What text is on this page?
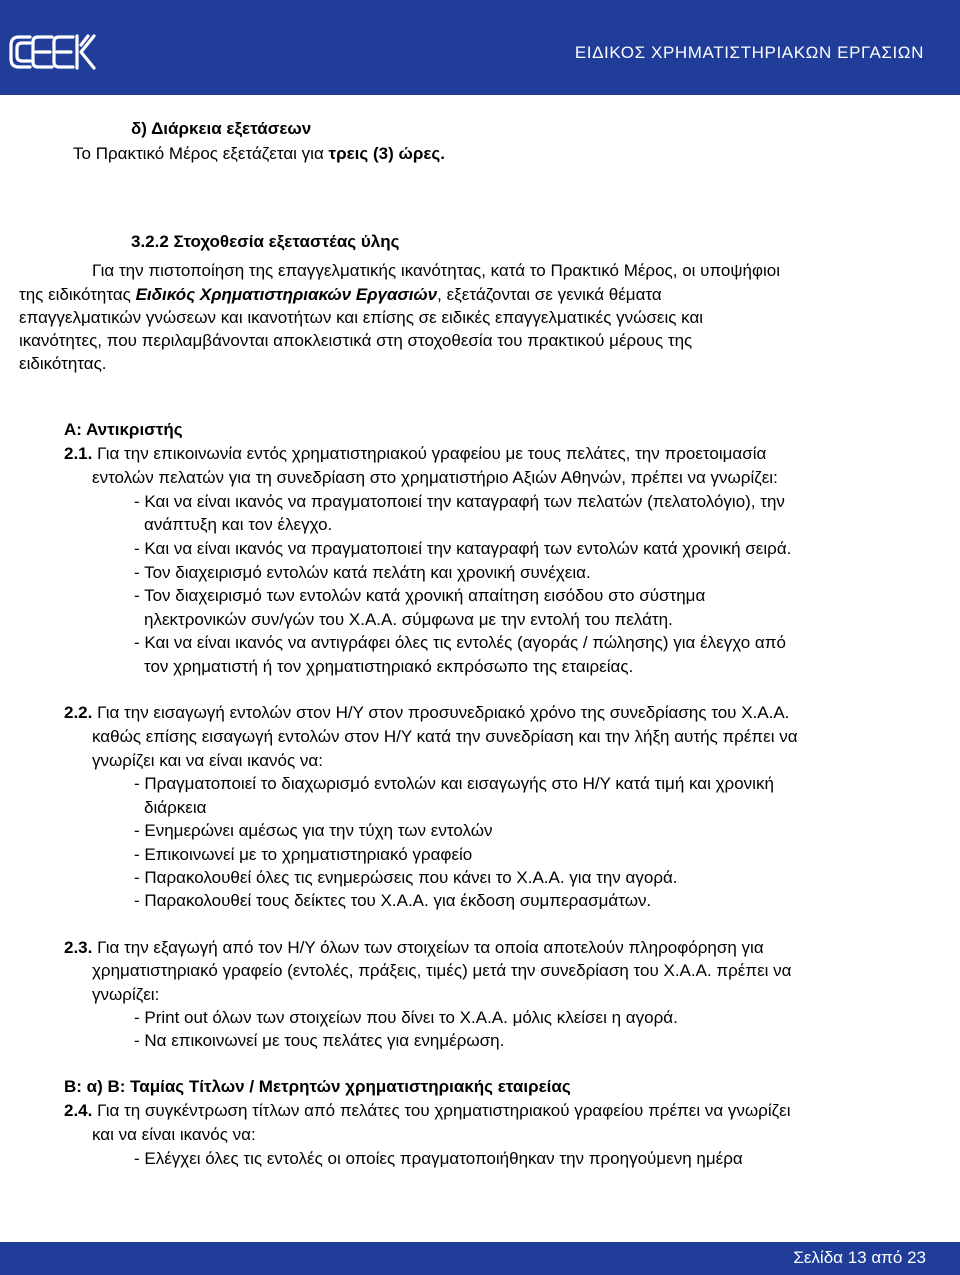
ΕΙΔΙΚΟΣ ΧΡΗΜΑΤΙΣΤΗΡΙΑΚΩΝ ΕΡΓΑΣΙΩΝ
δ) Διάρκεια εξετάσεων
Το Πρακτικό Μέρος εξετάζεται για τρεις (3) ώρες.
3.2.2 Στοχοθεσία εξεταστέας ύλης
Για την πιστοποίηση της επαγγελματικής ικανότητας, κατά το Πρακτικό Μέρος, οι υποψήφιοι
της ειδικότητας Ειδικός Χρηματιστηριακών Εργασιών, εξετάζονται σε γενικά θέματα
επαγγελματικών γνώσεων και ικανοτήτων και επίσης σε ειδικές επαγγελματικές γνώσεις και
ικανότητες, που περιλαμβάνονται αποκλειστικά στη στοχοθεσία του πρακτικού μέρους της
ειδικότητας.
Α: Αντικριστής
2.1. Για την επικοινωνία εντός χρηματιστηριακού γραφείου με τους πελάτες, την προετοιμασία
εντολών πελατών για τη συνεδρίαση στο χρηματιστήριο Αξιών Αθηνών, πρέπει να γνωρίζει:
- Και να είναι ικανός να πραγματοποιεί την καταγραφή των πελατών (πελατολόγιο), την
ανάπτυξη και τον έλεγχο.
- Και να είναι ικανός να πραγματοποιεί την καταγραφή των εντολών κατά χρονική σειρά.
- Τον διαχειρισμό εντολών κατά πελάτη και χρονική συνέχεια.
- Τον διαχειρισμό των εντολών κατά χρονική απαίτηση εισόδου στο σύστημα
ηλεκτρονικών συν/γών του Χ.Α.Α. σύμφωνα με την εντολή του πελάτη.
- Και να είναι ικανός να αντιγράφει όλες τις εντολές (αγοράς / πώλησης) για έλεγχο από
τον χρηματιστή ή τον χρηματιστηριακό εκπρόσωπο της εταιρείας.
2.2. Για την εισαγωγή εντολών στον Η/Υ στον προσυνεδριακό χρόνο της συνεδρίασης του Χ.Α.Α.
καθώς επίσης εισαγωγή εντολών στον Η/Υ κατά την συνεδρίαση και την λήξη αυτής πρέπει να
γνωρίζει και να είναι ικανός να:
- Πραγματοποιεί το διαχωρισμό εντολών και εισαγωγής στο Η/Υ κατά τιμή και χρονική
διάρκεια
- Ενημερώνει αμέσως για την τύχη των εντολών
- Επικοινωνεί με το χρηματιστηριακό γραφείο
- Παρακολουθεί όλες τις ενημερώσεις που κάνει το Χ.Α.Α. για την αγορά.
- Παρακολουθεί τους δείκτες του Χ.Α.Α. για έκδοση συμπερασμάτων.
2.3. Για την εξαγωγή από τον Η/Υ όλων των στοιχείων τα οποία αποτελούν πληροφόρηση για
χρηματιστηριακό γραφείο (εντολές, πράξεις, τιμές) μετά την συνεδρίαση του Χ.Α.Α. πρέπει να
γνωρίζει:
- Print out όλων των στοιχείων που δίνει το Χ.Α.Α. μόλις κλείσει η αγορά.
- Να επικοινωνεί με τους πελάτες για ενημέρωση.
Β: α) Β: Ταμίας Τίτλων / Μετρητών χρηματιστηριακής εταιρείας
2.4. Για τη συγκέντρωση τίτλων από πελάτες του χρηματιστηριακού γραφείου πρέπει να γνωρίζει
και να είναι ικανός να:
- Ελέγχει όλες τις εντολές οι οποίες πραγματοποιήθηκαν την προηγούμενη ημέρα
Σελίδα 13 από 23
